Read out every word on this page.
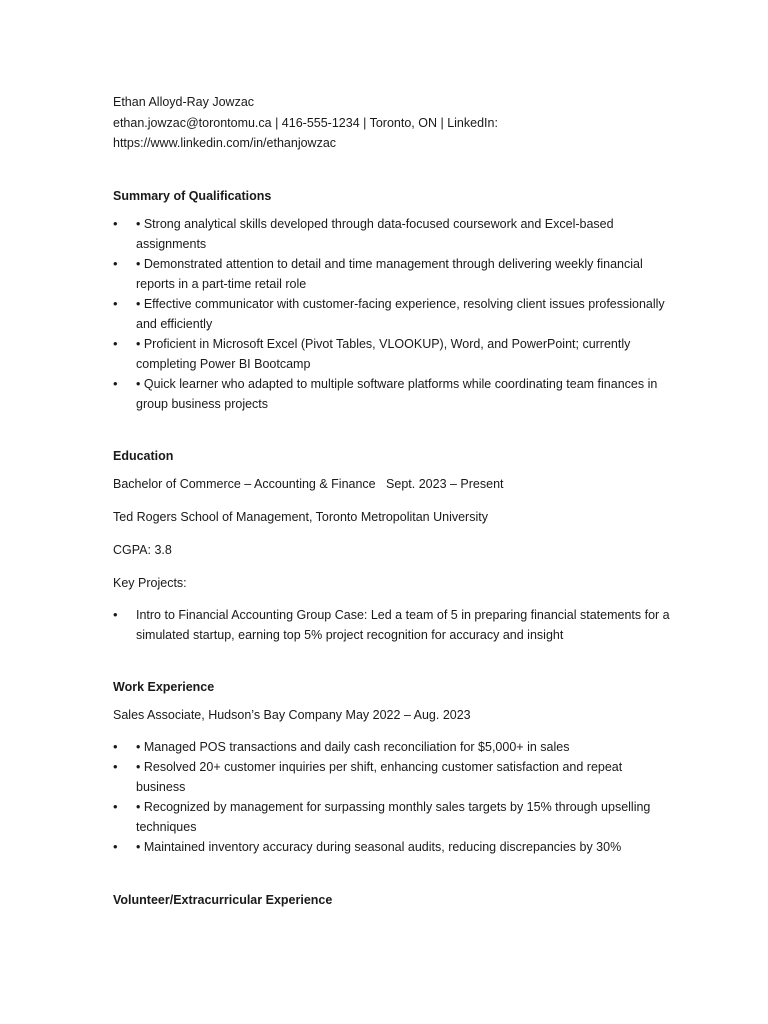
Ethan Alloyd-Ray Jowzac
ethan.jowzac@torontomu.ca | 416-555-1234 | Toronto, ON | LinkedIn:
https://www.linkedin.com/in/ethanjowzac
Summary of Qualifications
• • Strong analytical skills developed through data-focused coursework and Excel-based assignments
• • Demonstrated attention to detail and time management through delivering weekly financial reports in a part-time retail role
• • Effective communicator with customer-facing experience, resolving client issues professionally and efficiently
• • Proficient in Microsoft Excel (Pivot Tables, VLOOKUP), Word, and PowerPoint; currently completing Power BI Bootcamp
• • Quick learner who adapted to multiple software platforms while coordinating team finances in group business projects
Education
Bachelor of Commerce – Accounting & Finance   Sept. 2023 – Present
Ted Rogers School of Management, Toronto Metropolitan University
CGPA: 3.8
Key Projects:
• Intro to Financial Accounting Group Case: Led a team of 5 in preparing financial statements for a simulated startup, earning top 5% project recognition for accuracy and insight
Work Experience
Sales Associate, Hudson’s Bay Company May 2022 – Aug. 2023
• • Managed POS transactions and daily cash reconciliation for $5,000+ in sales
• • Resolved 20+ customer inquiries per shift, enhancing customer satisfaction and repeat business
• • Recognized by management for surpassing monthly sales targets by 15% through upselling techniques
• • Maintained inventory accuracy during seasonal audits, reducing discrepancies by 30%
Volunteer/Extracurricular Experience
